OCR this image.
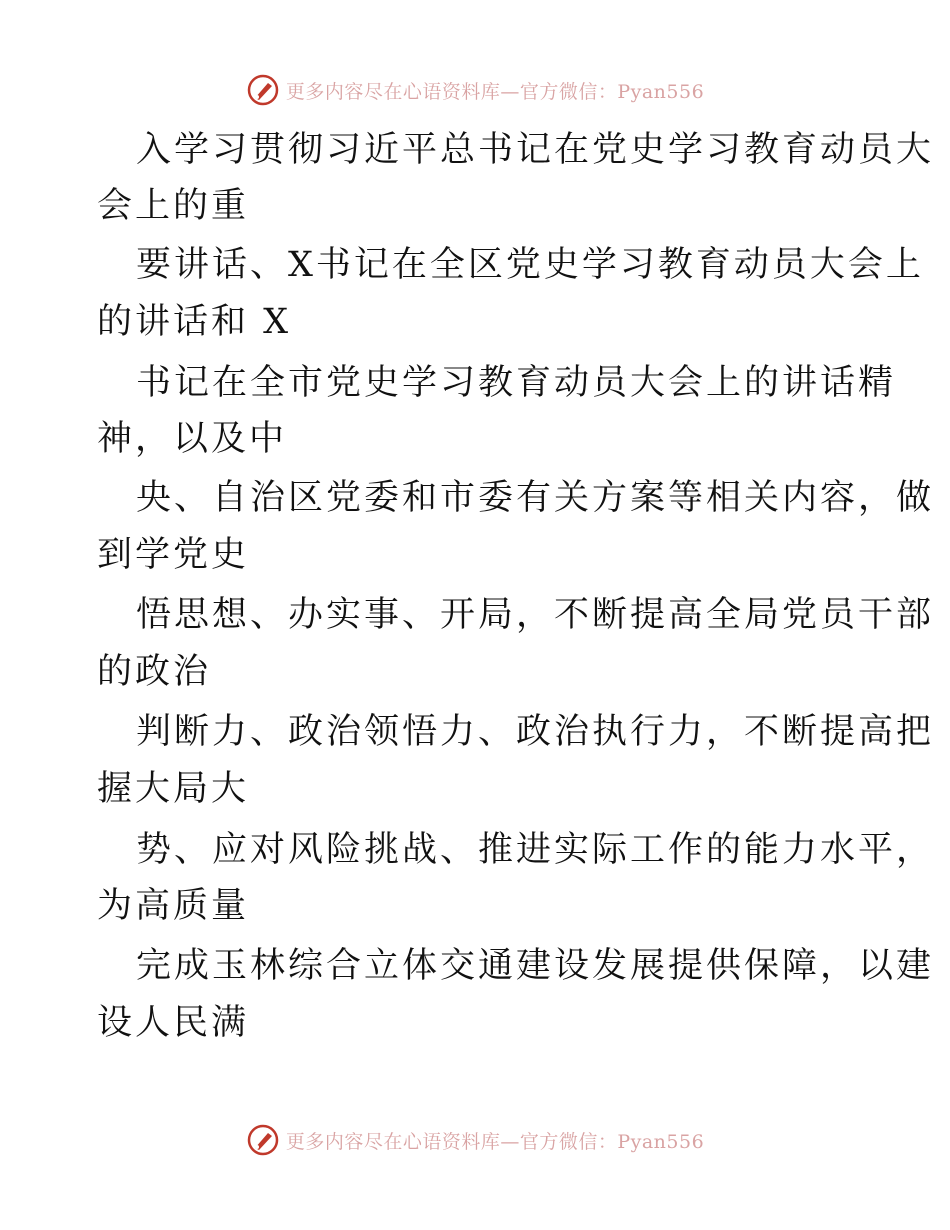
更多内容尽在心语资料库—官方微信：Pyan556
入学习贯彻习近平总书记在党史学习教育动员大
会上的重
要讲话、X书记在全区党史学习教育动员大会上
的讲话和 X
书记在全市党史学习教育动员大会上的讲话精
神，以及中
央、自治区党委和市委有关方案等相关内容，做
到学党史
悟思想、办实事、开局，不断提高全局党员干部
的政治
判断力、政治领悟力、政治执行力，不断提高把
握大局大
势、应对风险挑战、推进实际工作的能力水平，
为高质量
完成玉林综合立体交通建设发展提供保障，以建
设人民满
更多内容尽在心语资料库—官方微信：Pyan556
